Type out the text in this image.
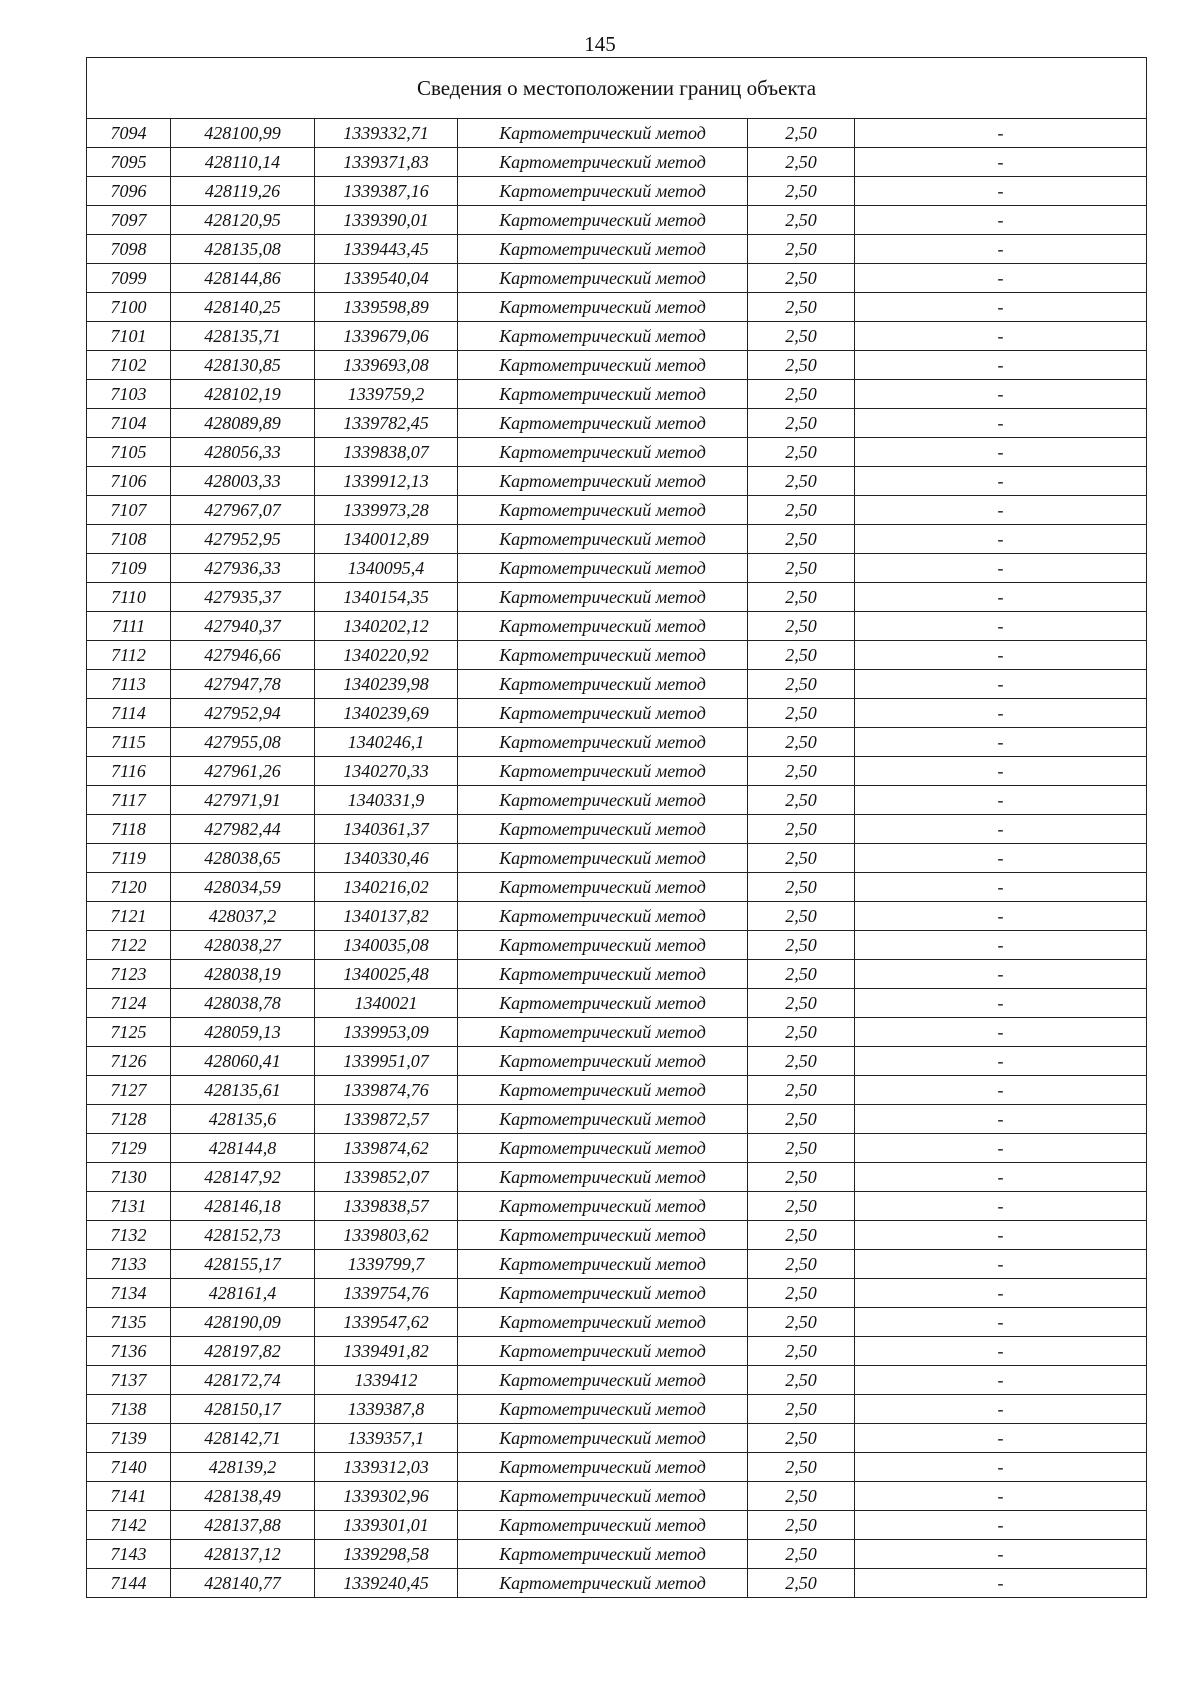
145
Сведения о местоположении границ объекта					
7094	428100,99	1339332,71	Картометрический метод	2,50	-
7095	428110,14	1339371,83	Картометрический метод	2,50	-
7096	428119,26	1339387,16	Картометрический метод	2,50	-
7097	428120,95	1339390,01	Картометрический метод	2,50	-
7098	428135,08	1339443,45	Картометрический метод	2,50	-
7099	428144,86	1339540,04	Картометрический метод	2,50	-
7100	428140,25	1339598,89	Картометрический метод	2,50	-
7101	428135,71	1339679,06	Картометрический метод	2,50	-
7102	428130,85	1339693,08	Картометрический метод	2,50	-
7103	428102,19	1339759,2	Картометрический метод	2,50	-
7104	428089,89	1339782,45	Картометрический метод	2,50	-
7105	428056,33	1339838,07	Картометрический метод	2,50	-
7106	428003,33	1339912,13	Картометрический метод	2,50	-
7107	427967,07	1339973,28	Картометрический метод	2,50	-
7108	427952,95	1340012,89	Картометрический метод	2,50	-
7109	427936,33	1340095,4	Картометрический метод	2,50	-
7110	427935,37	1340154,35	Картометрический метод	2,50	-
7111	427940,37	1340202,12	Картометрический метод	2,50	-
7112	427946,66	1340220,92	Картометрический метод	2,50	-
7113	427947,78	1340239,98	Картометрический метод	2,50	-
7114	427952,94	1340239,69	Картометрический метод	2,50	-
7115	427955,08	1340246,1	Картометрический метод	2,50	-
7116	427961,26	1340270,33	Картометрический метод	2,50	-
7117	427971,91	1340331,9	Картометрический метод	2,50	-
7118	427982,44	1340361,37	Картометрический метод	2,50	-
7119	428038,65	1340330,46	Картометрический метод	2,50	-
7120	428034,59	1340216,02	Картометрический метод	2,50	-
7121	428037,2	1340137,82	Картометрический метод	2,50	-
7122	428038,27	1340035,08	Картометрический метод	2,50	-
7123	428038,19	1340025,48	Картометрический метод	2,50	-
7124	428038,78	1340021	Картометрический метод	2,50	-
7125	428059,13	1339953,09	Картометрический метод	2,50	-
7126	428060,41	1339951,07	Картометрический метод	2,50	-
7127	428135,61	1339874,76	Картометрический метод	2,50	-
7128	428135,6	1339872,57	Картометрический метод	2,50	-
7129	428144,8	1339874,62	Картометрический метод	2,50	-
7130	428147,92	1339852,07	Картометрический метод	2,50	-
7131	428146,18	1339838,57	Картометрический метод	2,50	-
7132	428152,73	1339803,62	Картометрический метод	2,50	-
7133	428155,17	1339799,7	Картометрический метод	2,50	-
7134	428161,4	1339754,76	Картометрический метод	2,50	-
7135	428190,09	1339547,62	Картометрический метод	2,50	-
7136	428197,82	1339491,82	Картометрический метод	2,50	-
7137	428172,74	1339412	Картометрический метод	2,50	-
7138	428150,17	1339387,8	Картометрический метод	2,50	-
7139	428142,71	1339357,1	Картометрический метод	2,50	-
7140	428139,2	1339312,03	Картометрический метод	2,50	-
7141	428138,49	1339302,96	Картометрический метод	2,50	-
7142	428137,88	1339301,01	Картометрический метод	2,50	-
7143	428137,12	1339298,58	Картометрический метод	2,50	-
7144	428140,77	1339240,45	Картометрический метод	2,50	-
